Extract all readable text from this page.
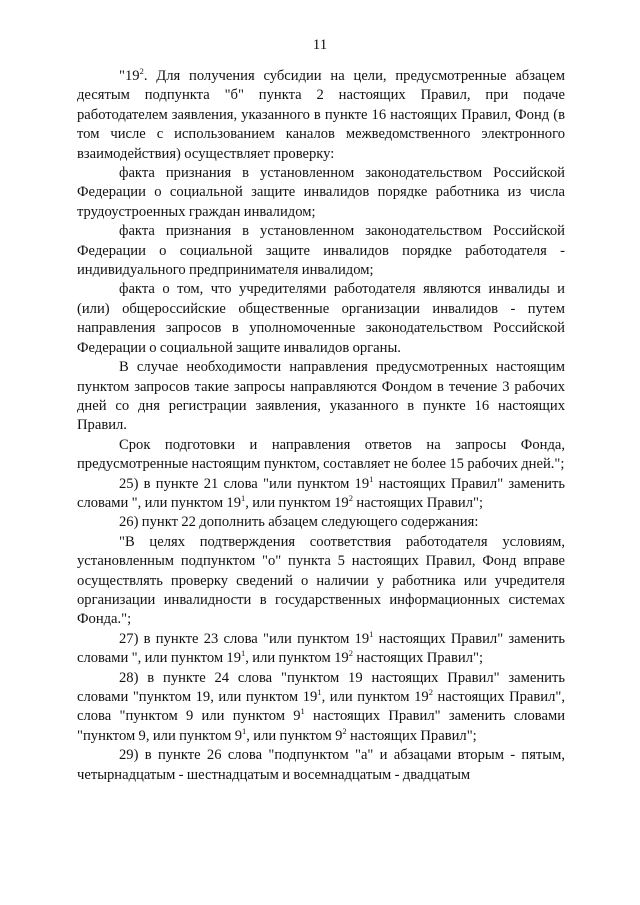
11

"$19^2$. Для получения субсидии на цели, предусмотренные абзацем десятым подпункта "б" пункта 2 настоящих Правил, при подаче работодателем заявления, указанного в пункте 16 настоящих Правил, Фонд (в том числе с использованием каналов межведомственного электронного взаимодействия) осуществляет проверку:

факта признания в установленном законодательством Российской Федерации о социальной защите инвалидов порядке работника из числа трудоустроенных граждан инвалидом;

факта признания в установленном законодательством Российской Федерации о социальной защите инвалидов порядке работодателя - индивидуального предпринимателя инвалидом;

факта о том, что учредителями работодателя являются инвалиды и (или) общероссийские общественные организации инвалидов - путем направления запросов в уполномоченные законодательством Российской Федерации о социальной защите инвалидов органы.

В случае необходимости направления предусмотренных настоящим пунктом запросов такие запросы направляются Фондом в течение 3 рабочих дней со дня регистрации заявления, указанного в пункте 16 настоящих Правил.

Срок подготовки и направления ответов на запросы Фонда, предусмотренные настоящим пунктом, составляет не более 15 рабочих дней.";

25) в пункте 21 слова "или пунктом $19^1$ настоящих Правил" заменить словами ", или пунктом $19^1$, или пунктом $19^2$ настоящих Правил";

26) пункт 22 дополнить абзацем следующего содержания:

"В целях подтверждения соответствия работодателя условиям, установленным подпунктом "о" пункта 5 настоящих Правил, Фонд вправе осуществлять проверку сведений о наличии у работника или учредителя организации инвалидности в государственных информационных системах Фонда.";

27) в пункте 23 слова "или пунктом $19^1$ настоящих Правил" заменить словами ", или пунктом $19^1$, или пунктом $19^2$ настоящих Правил";

28) в пункте 24 слова "пунктом 19 настоящих Правил" заменить словами "пунктом 19, или пунктом $19^1$, или пунктом $19^2$ настоящих Правил", слова "пунктом 9 или пунктом $9^1$ настоящих Правил" заменить словами "пунктом 9, или пунктом $9^1$, или пунктом $9^2$ настоящих Правил";

29) в пункте 26 слова "подпунктом "а" и абзацами вторым - пятым, четырнадцатым - шестнадцатым и восемнадцатым - двадцатым
